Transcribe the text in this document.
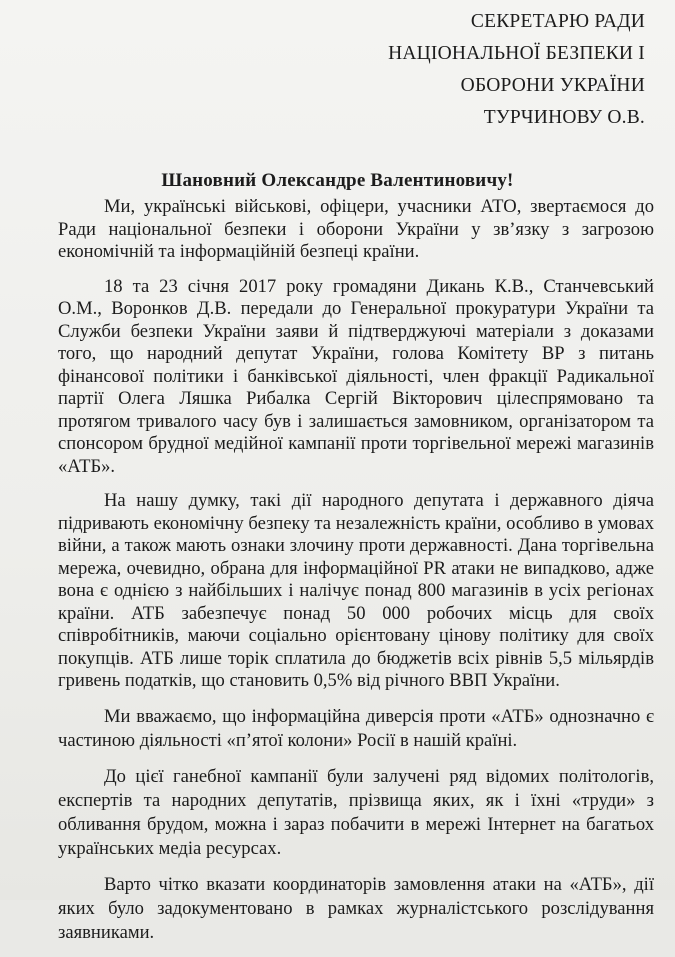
СЕКРЕТАРЮ РАДИ
НАЦІОНАЛЬНОЇ БЕЗПЕКИ І
ОБОРОНИ УКРАЇНИ
ТУРЧИНОВУ О.В.
Шановний Олександре Валентиновичу!

Ми, українські військові, офіцери, учасники АТО, звертаємося до Ради національної безпеки і оборони України у зв’язку з загрозою економічній та інформаційній безпеці країни.

18 та 23 січня 2017 року громадяни Дикань К.В., Станчевський О.М., Воронков Д.В. передали до Генеральної прокуратури України та Служби безпеки України заяви й підтверджуючі матеріали з доказами того, що народний депутат України, голова Комітету ВР з питань фінансової політики і банківської діяльності, член фракції Радикальної партії Олега Ляшка Рибалка Сергій Вікторович цілеспрямовано та протягом тривалого часу був і залишається замовником, організатором та спонсором брудної медійної кампанії проти торгівельної мережі магазинів «АТБ».

На нашу думку, такі дії народного депутата і державного діяча підривають економічну безпеку та незалежність країни, особливо в умовах війни, а також мають ознаки злочину проти державності. Дана торгівельна мережа, очевидно, обрана для інформаційної PR атаки не випадково, адже вона є однією з найбільших і налічує понад 800 магазинів в усіх регіонах країни. АТБ забезпечує понад 50 000 робочих місць для своїх співробітників, маючи соціально орієнтовану цінову політику для своїх покупців. АТБ лише торік сплатила до бюджетів всіх рівнів 5,5 мільярдів гривень податків, що становить 0,5% від річного ВВП України.

Ми вважаємо, що інформаційна диверсія проти «АТБ» однозначно є частиною діяльності «п’ятої колони» Росії в нашій країні.

До цієї ганебної кампанії були залучені ряд відомих політологів, експертів та народних депутатів, прізвища яких, як і їхні «труди» з обливання брудом, можна і зараз побачити в мережі Інтернет на багатьох українських медіа ресурсах.

Варто чітко вказати координаторів замовлення атаки на «АТБ», дії яких було задокументовано в рамках журналістського розслідування заявниками.
